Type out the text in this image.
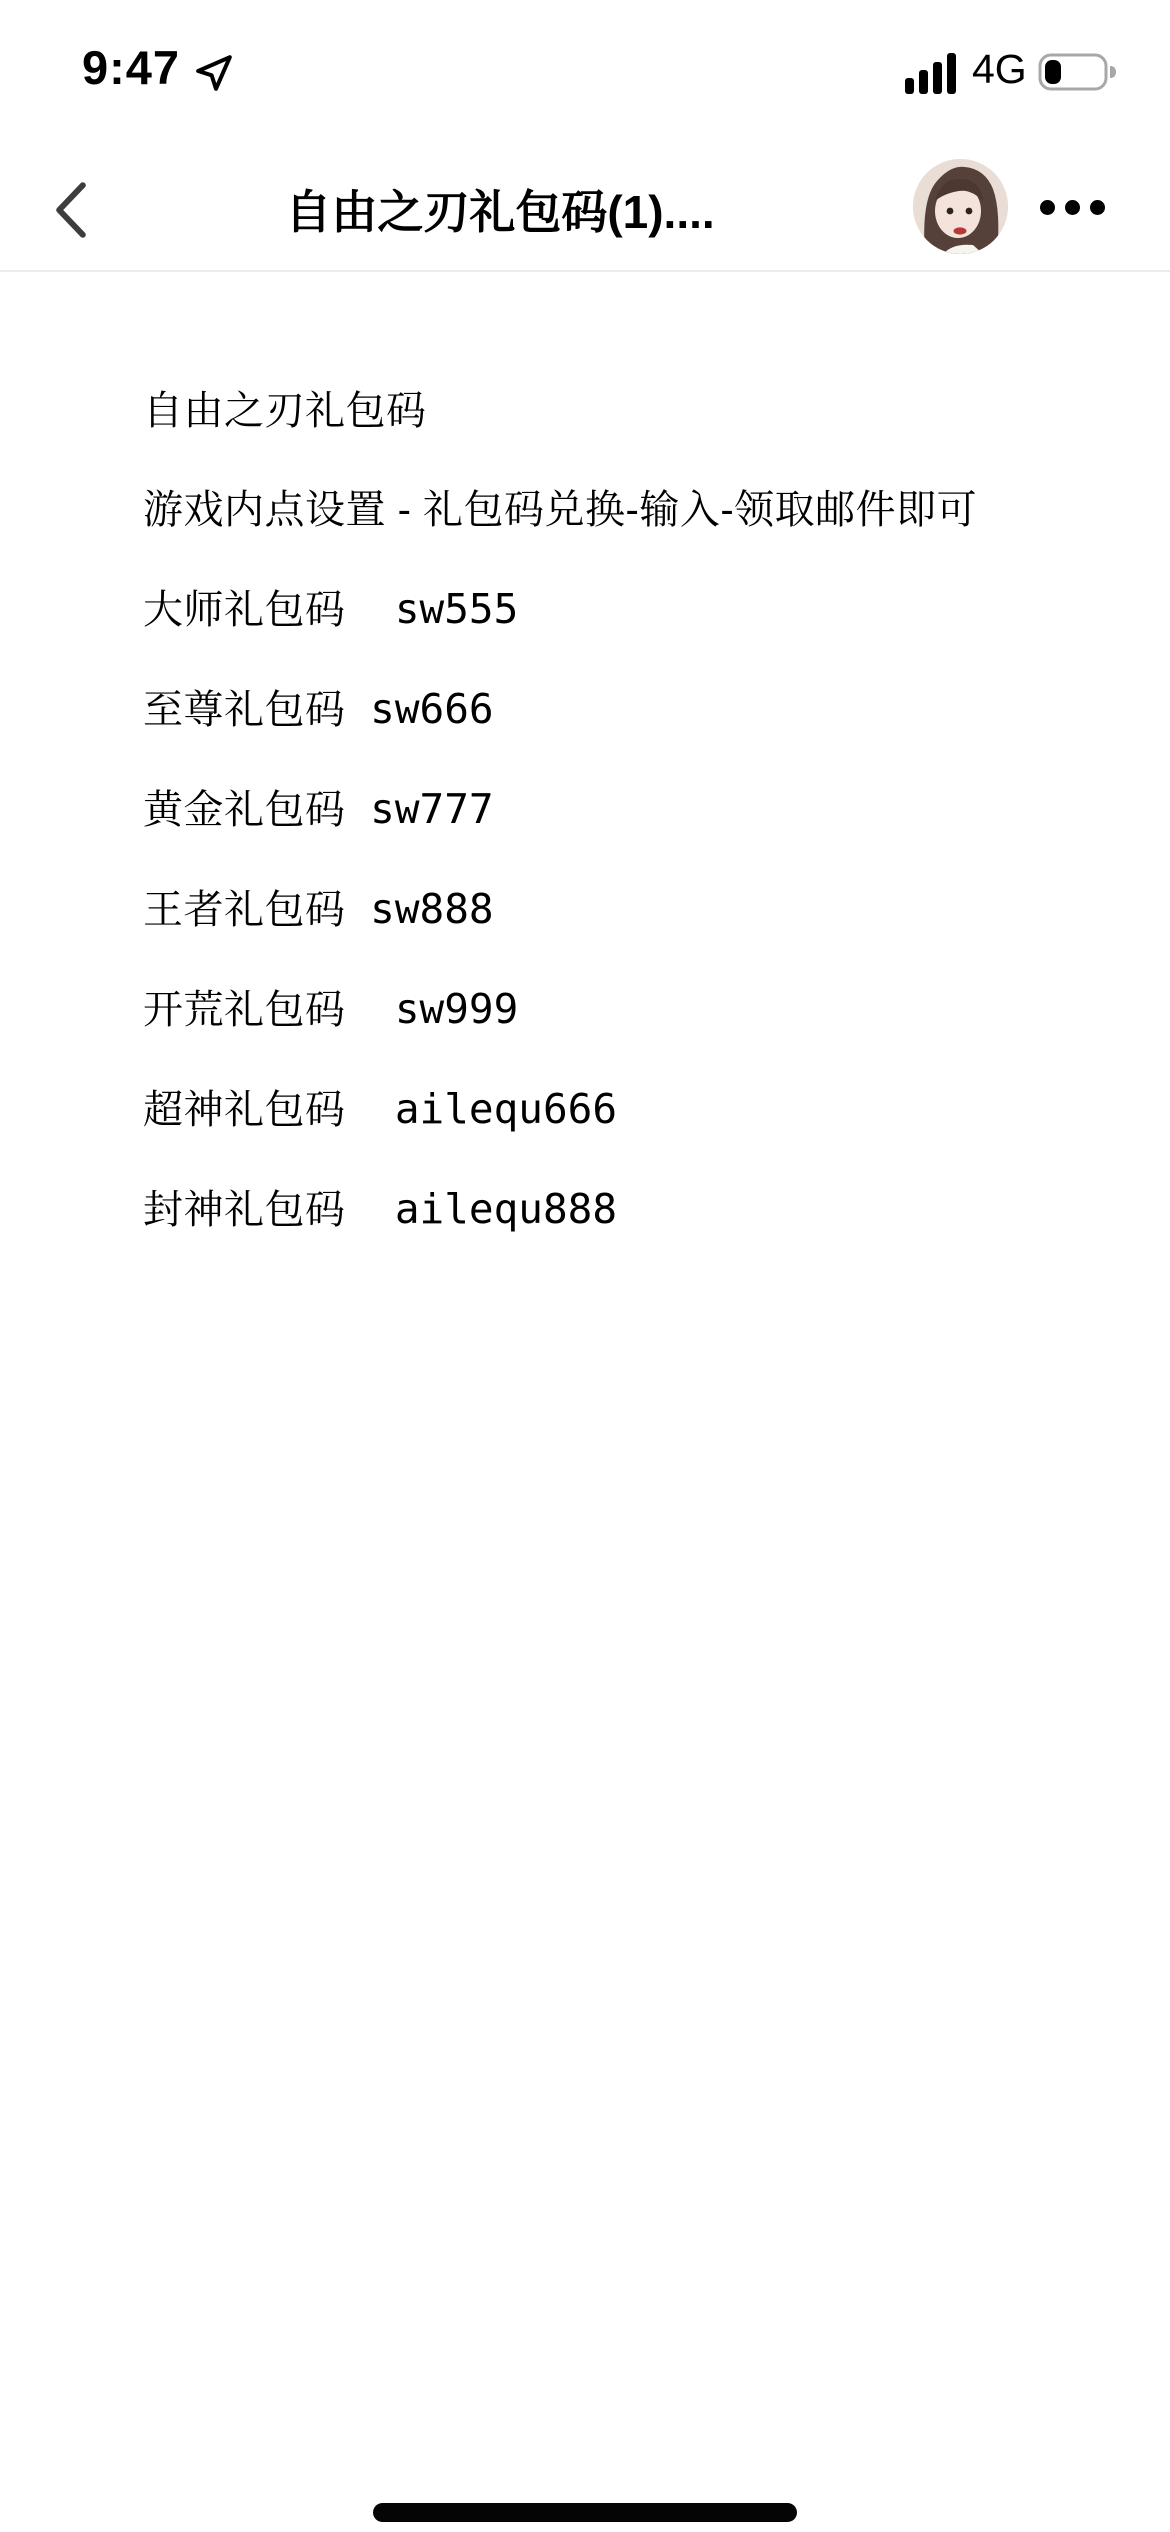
9:47	4G
自由之刃礼包码(1)....

自由之刃礼包码

游戏内点设置 - 礼包码兑换-输入-领取邮件即可

大师礼包码  sw555

至尊礼包码 sw666

黄金礼包码 sw777

王者礼包码 sw888

开荒礼包码  sw999

超神礼包码  ailequ666

封神礼包码  ailequ888
